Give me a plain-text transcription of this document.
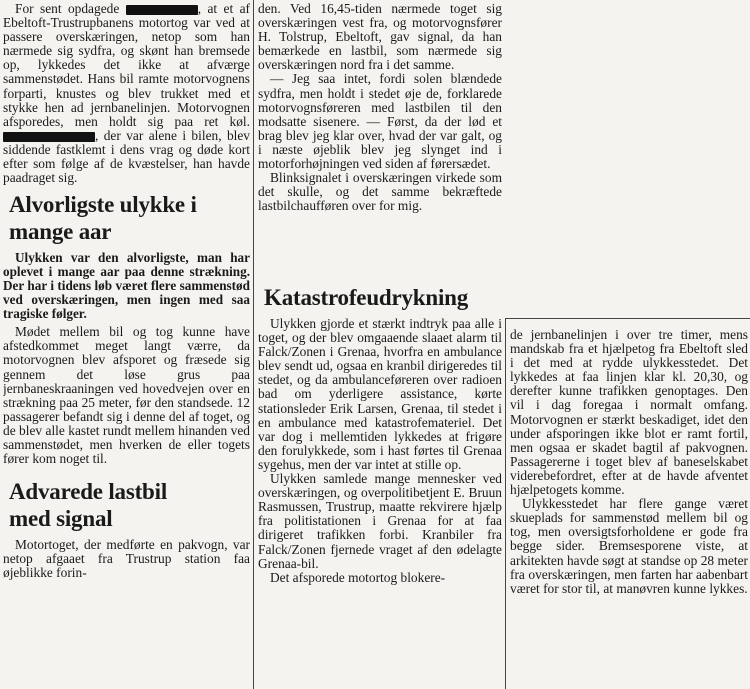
For sent opdagede	, at et af Ebeltoft-Trustrupbanens motortog var ved at passere overskæringen, netop som han nærmede sig sydfra, og skønt han bremsede op, lykkedes det ikke at afværge sammenstødet. Hans bil ramte motorvognens forparti, knustes og blev trukket med et stykke hen ad jernbanelinjen. Motorvognen afsporedes, men holdt sig paa ret køl. , der var alene i bilen, blev siddende fastklemt i dens vrag og døde kort efter som følge af de kvæstelser, han havde paadraget sig.

Alvorligste ulykke i mange aar

Ulykken var den alvorligste, man har oplevet i mange aar paa denne strækning. Der har i tidens løb været flere sammenstød ved overskæringen, men ingen med saa tragiske følger.

Mødet mellem bil og tog kunne have afstedkommet meget langt værre, da motorvognen blev afsporet og fræsede sig gennem det løse grus paa jernbaneskraaningen ved hovedvejen over en strækning paa 25 meter, før den standsede. 12 passagerer befandt sig i denne del af toget, og de blev alle kastet rundt mellem hinanden ved sammenstødet, men hverken de eller togets fører kom noget til.

Advarede lastbil med signal

Motortoget, der medførte en pakvogn, var netop afgaaet fra Trustrup station faa øjeblikke forin-

den. Ved 16,45-tiden nærmede toget sig overskæringen vest fra, og motorvognsfører H. Tolstrup, Ebeltoft, gav signal, da han bemærkede en lastbil, som nærmede sig overskæringen nord fra i det samme.

— Jeg saa intet, fordi solen blændede sydfra, men holdt i stedet øje de, forklarede motorvognsføreren med lastbilen til den modsatte sisenere. — Først, da der lød et brag blev jeg klar over, hvad der var galt, og i næste øjeblik blev jeg slynget ind i motorforhøjningen ved siden af førersædet.

Blinksignalet i overskæringen virkede som det skulle, og det samme bekræftede lastbilchaufføren over for mig.

Katastrofeudrykning

Ulykken gjorde et stærkt indtryk paa alle i toget, og der blev omgaaende slaaet alarm til Falck/Zonen i Grenaa, hvorfra en ambulance blev sendt ud, ogsaa en kranbil dirigeredes til stedet, og da ambulanceføreren over radioen bad om yderligere assistance, kørte stationsleder Erik Larsen, Grenaa, til stedet i en ambulance med katastrofemateriel. Det var dog i mellemtiden lykkedes at frigøre den forulykkede, som i hast førtes til Grenaa sygehus, men der var intet at stille op.

Ulykken samlede mange mennesker ved overskæringen, og overpolitibetjent E. Bruun Rasmussen, Trustrup, maatte rekvirere hjælp fra politistationen i Grenaa for at faa dirigeret trafikken forbi. Kranbiler fra Falck/Zonen fjernede vraget af den ødelagte Grenaa-bil.

Det afsporede motortog blokere-

de jernbanelinjen i over tre timer, mens mandskab fra et hjælpetog fra Ebeltoft sled i det med at rydde ulykkesstedet. Det lykkedes at faa linjen klar kl. 20,30, og derefter kunne trafikken genoptages. Den vil i dag foregaa i normalt omfang. Motorvognen er stærkt beskadiget, idet den under afsporingen ikke blot er ramt fortil, men ogsaa er skadet bagtil af pakvognen. Passagererne i toget blev af baneselskabet viderebefordret, efter at de havde afventet hjælpetogets komme.

Ulykkesstedet har flere gange været skueplads for sammenstød mellem bil og tog, men oversigtsforholdene er gode fra begge sider. Bremsesporene viste, at arkitekten havde søgt at standse op 28 meter fra overskæringen, men farten har aabenbart været for stor til, at manøvren kunne lykkes.
